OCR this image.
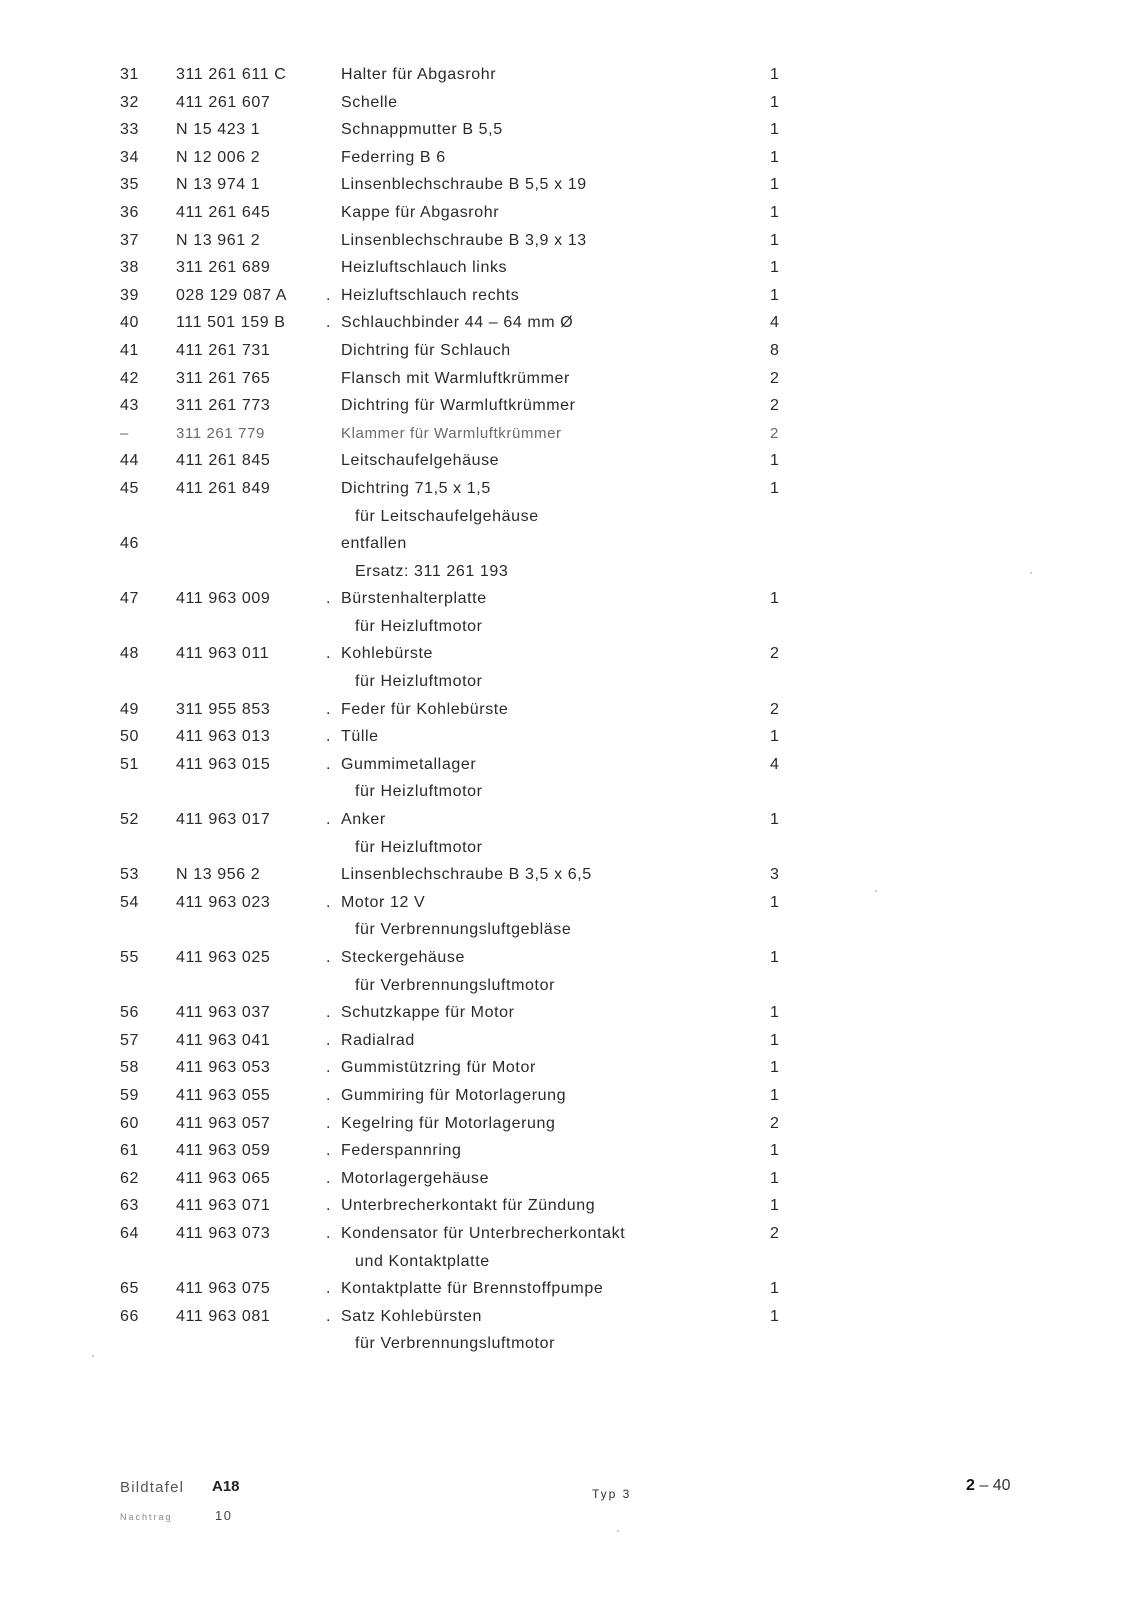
31 311 261 611 C	Halter für Abgasrohr	1
32 411 261 607	Schelle	1
33 N 15 423 1	Schnappmutter B 5,5	1
34 N 12 006 2	Federring B 6	1
35 N 13 974 1	Linsenblechschraube B 5,5 x 19	1
36 411 261 645	Kappe für Abgasrohr	1
37 N 13 961 2	Linsenblechschraube B 3,9 x 13	1
38 311 261 689	Heizluftschlauch links	1
39 028 129 087 A . Heizluftschlauch rechts	1
40 111 501 159 B	. Schlauchbinder 44 – 64 mm Ø	4
41 411 261 731	Dichtring für Schlauch	8
42 311 261 765	Flansch mit Warmluftkrümmer	2
43 311 261 773	Dichtring für Warmluftkrümmer	2
–	311 261 779	Klammer für Warmluftkrümmer	2
44 411 261 845	Leitschaufelgehäuse	1
45 411 261 849	Dichtring 71,5 x 1,5	1
für Leitschaufelgehäuse
46	entfallen
Ersatz: 311 261 193
47 411 963 009	. Bürstenhalterplatte	1
für Heizluftmotor
48 411 963 011	. Kohlebürste	2
für Heizluftmotor
49 311 955 853	. Feder für Kohlebürste	2
50 411 963 013	. Tülle	1
51 411 963 015	. Gummimetallager	4
für Heizluftmotor
52 411 963 017	. Anker	1
für Heizluftmotor
53 N 13 956 2	Linsenblechschraube B 3,5 x 6,5	3
54 411 963 023	. Motor 12 V	1
für Verbrennungsluftgebläse
55 411 963 025	. Steckergehäuse	1
für Verbrennungsluftmotor
56 411 963 037	. Schutzkappe für Motor	1
57 411 963 041	. Radialrad	1
58 411 963 053	. Gummistützring für Motor	1
59 411 963 055	. Gummiring für Motorlagerung	1
60 411 963 057	. Kegelring für Motorlagerung	2
61 411 963 059	. Federspannring	1
62 411 963 065	. Motorlagergehäuse	1
63 411 963 071	. Unterbrecherkontakt für Zündung	1
64 411 963 073	. Kondensator für Unterbrecherkontakt	2
und Kontaktplatte
65 411 963 075	. Kontaktplatte für Brennstoffpumpe	1
66 411 963 081	. Satz Kohlebürsten	1
für Verbrennungsluftmotor
Bildtafel A18
Nachtrag	10
Typ 3	2 – 40
